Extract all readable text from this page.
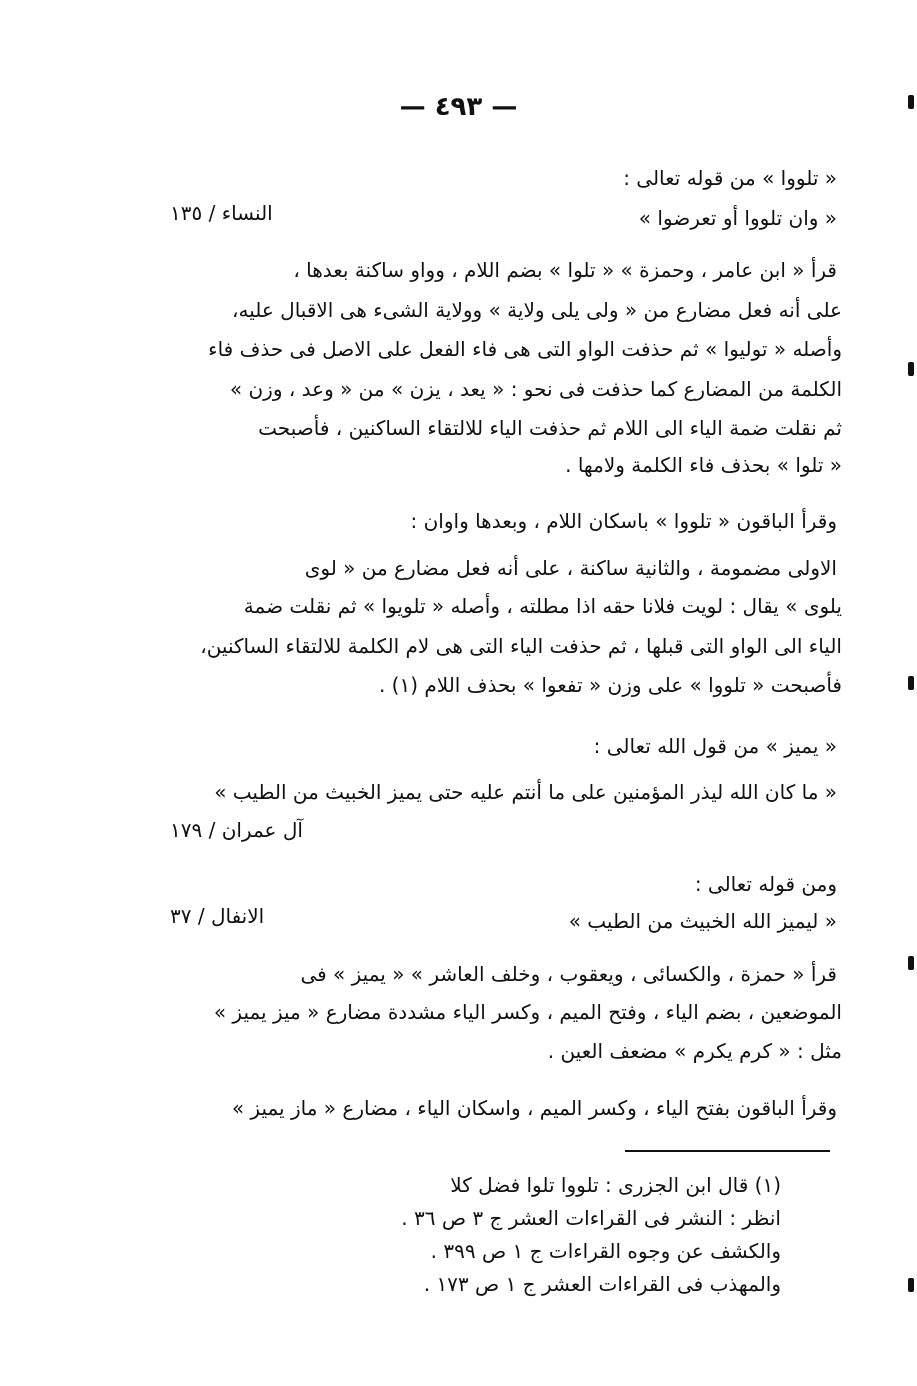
— ٤٩٣ —
« تلووا » من قوله تعالى :
« وان تلووا أو تعرضوا »
النساء / ١٣٥
قرأ « ابن عامر ، وحمزة » « تلوا » بضم اللام ، وواو ساكنة بعدها ،
على أنه فعل مضارع من « ولى يلى ولاية » وولاية الشىء هى الاقبال عليه،
وأصله « توليوا » ثم حذفت الواو التى هى فاء الفعل على الاصل فى حذف فاء
الكلمة من المضارع كما حذفت فى نحو : « يعد ، يزن » من « وعد ، وزن »
ثم نقلت ضمة الياء الى اللام ثم حذفت الياء للالتقاء الساكنين ، فأصبحت
« تلوا » بحذف فاء الكلمة ولامها .
وقرأ الباقون « تلووا » باسكان اللام ، وبعدها واوان :
الاولى مضمومة ، والثانية ساكنة ، على أنه فعل مضارع من « لوى
يلوى » يقال : لويت فلانا حقه اذا مطلته ، وأصله « تلويوا » ثم نقلت ضمة
الياء الى الواو التى قبلها ، ثم حذفت الياء التى هى لام الكلمة للالتقاء الساكنين،
فأصبحت « تلووا » على وزن « تفعوا » بحذف اللام (١) .
« يميز » من قول الله تعالى :
« ما كان الله ليذر المؤمنين على ما أنتم عليه حتى يميز الخبيث من الطيب »
آل عمران / ١٧٩
ومن قوله تعالى :
« ليميز الله الخبيث من الطيب »
الانفال / ٣٧
قرأ « حمزة ، والكسائى ، ويعقوب ، وخلف العاشر » « يميز » فى
الموضعين ، بضم الياء ، وفتح الميم ، وكسر الياء مشددة مضارع « ميز يميز »
مثل : « كرم يكرم » مضعف العين .
وقرأ الباقون بفتح الياء ، وكسر الميم ، واسكان الياء ، مضارع « ماز يميز »
(١) قال ابن الجزرى : تلووا تلوا فضل كلا
انظر : النشر فى القراءات العشر ج ٣ ص ٣٦ .
والكشف عن وجوه القراءات ج ١ ص ٣٩٩ .
والمهذب فى القراءات العشر ج ١ ص ١٧٣ .
